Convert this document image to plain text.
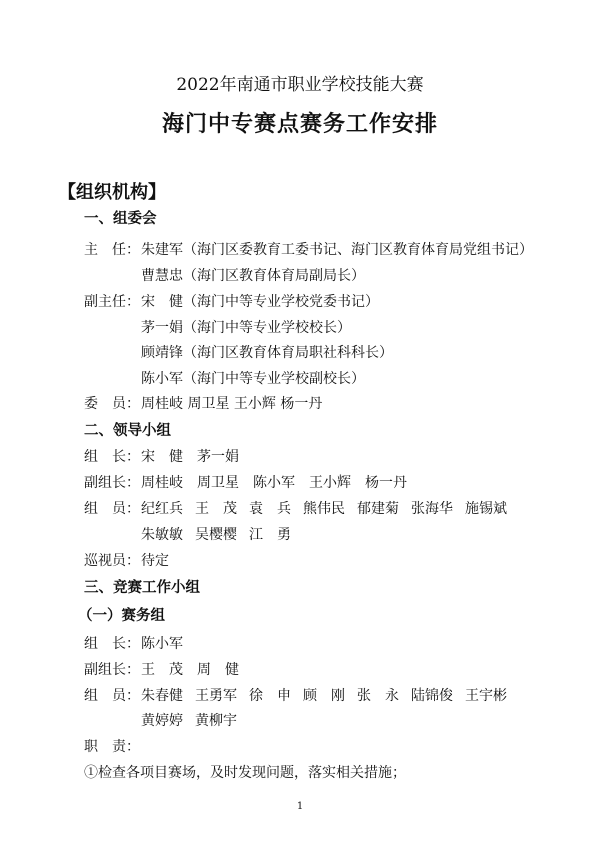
2022年南通市职业学校技能大赛
海门中专赛点赛务工作安排
【组织机构】
一、组委会
主　任： 朱建军（海门区委教育工委书记、海门区教育体育局党组书记）
曹慧忠（海门区教育体育局副局长）
副主任： 宋　健（海门中等专业学校党委书记）
茅一娟（海门中等专业学校校长）
顾靖锋（海门区教育体育局职社科科长）
陈小军（海门中等专业学校副校长）
委　员： 周桂岐 周卫星 王小辉 杨一丹
二、领导小组
组　长： 宋　健　茅一娟
副组长： 周桂岐　周卫星　陈小军　王小辉　杨一丹
组　员： 纪红兵 王　茂 袁　兵 熊伟民 郁建菊 张海华 施锡斌
朱敏敏 吴樱樱 江　勇
巡视员： 待定
三、竞赛工作小组
（一）赛务组
组　长： 陈小军
副组长： 王　茂　周　健
组　员： 朱春健 王勇军 徐　申 顾　刚 张　永 陆锦俊 王宇彬
黄婷婷 黄柳宇
职　责：
①检查各项目赛场，及时发现问题，落实相关措施；
1
